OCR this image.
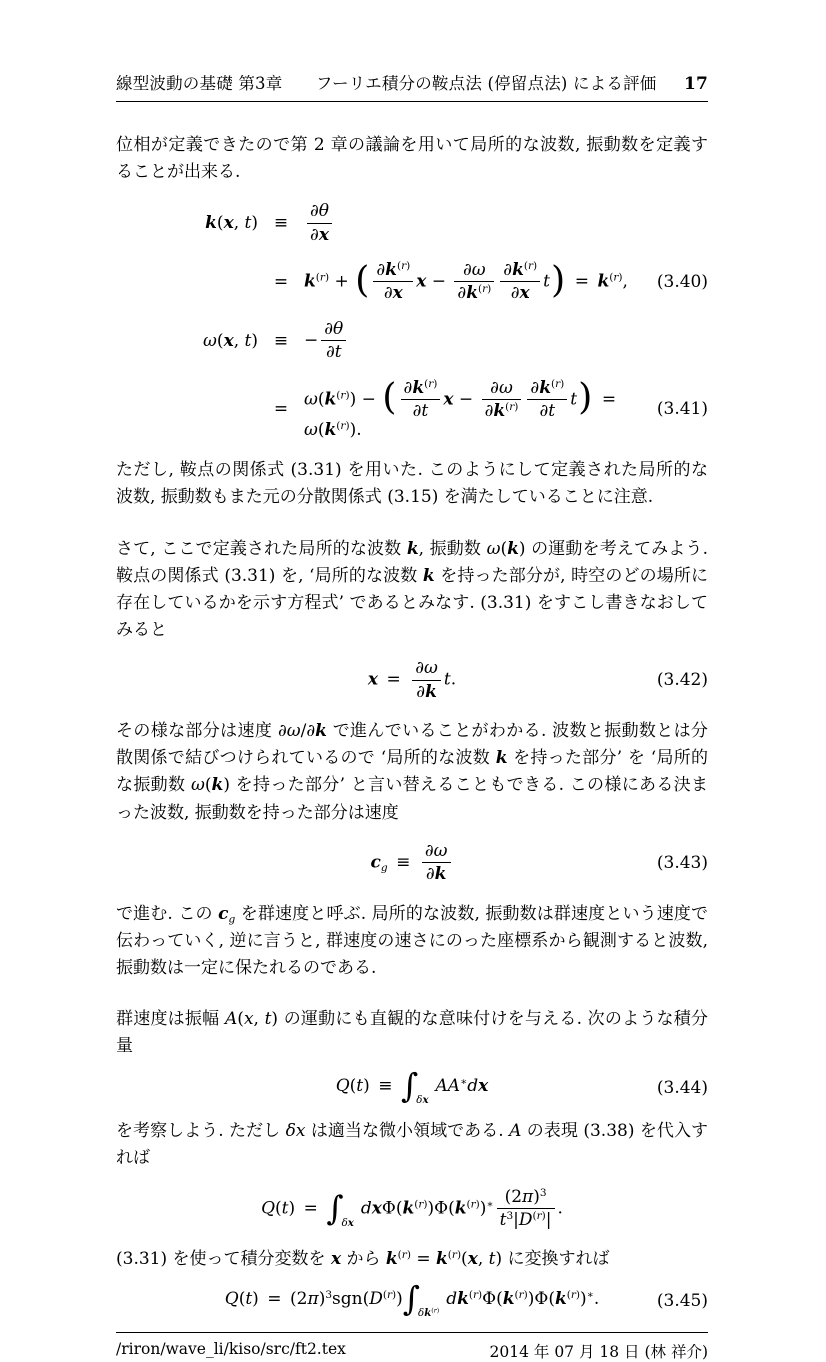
線型波動の基礎 第3章　　フーリエ積分の鞍点法 (停留点法) による評価 17

位相が定義できたので第 2 章の議論を用いて局所的な波数, 振動数を定義することが出来る.

k(x, $t) \equiv \frac{\partial\theta}{\partial x}$
= $k^{(r)}$ + ( $\frac{\partial k^{(r)}}{\partial x}$ $x - \frac{\partial\omega}{\partial k^{(r)}} \frac{\partial k^{(r)}}{\partial x} t$) = $k^{(r)}$, (3.40)
ω(x, t) ≡ − $\frac{\partial\theta}{\partial t}$
=
$\omega(k^{(r)})$ − ( $\frac{\partial k^{(r)}}{\partial t}$ $x - \frac{\partial\omega}{\partial k^{(r)}} \frac{\partial k^{(r)}}{\partial t} t$) = $\omega(k^{(r)})$.
(3.41)

ただし, 鞍点の関係式 (3.31) を用いた. このようにして定義された局所的な波数, 振動数もまた元の分散関係式 (3.15) を満たしていることに注意.

さて, ここで定義された局所的な波数 k, 振動数 ω(k) の運動を考えてみよう. 鞍点の関係式 (3.31) を, ‘局所的な波数 k を持った部分が, 時空のどの場所に存在しているかを示す方程式’ であるとみなす. (3.31) をすこし書きなおしてみると

x =  $\frac{\partial\omega}{\partial k} t$.	(3.42)

その様な部分は速度 ∂ω/∂k で進んでいることがわかる. 波数と振動数とは分散関係で結びつけられているので ‘局所的な波数 k を持った部分’ を ‘局所的な振動数 ω(k) を持った部分’ と言い替えることもできる. この様にある決まった波数, 振動数を持った部分は速度

$c_g$ ≡  $\frac{\partial\omega}{\partial k}$	(3.43)

で進む. この $c_g$ を群速度と呼ぶ. 局所的な波数, 振動数は群速度という速度で伝わっていく, 逆に言うと, 群速度の速さにのった座標系から観測すると波数, 振動数は一定に保たれるのである.

群速度は振幅 A(x, t) の運動にも直観的な意味付けを与える. 次のような積分量

Q(t) ≡ $\int_{\delta x}AA^∗dx$	(3.44)

を考察しよう. ただし δx は適当な微小領域である. A の表現 (3.38) を代入すれば

Q(t) = $\int_{\delta x}dx\Phi(k^{(r)})\Phi(k^{(r)})^∗ \frac{(2\pi)^3}{t^3|D^{(r)}|}$ .

(3.31) を使って積分変数を x から $k^{(r)} = k^{(r)}(x$, t) に変換すれば

Q(t) = $(2\pi)^3sgn(D^{(r)})\int_{\delta k^{(r)}}dk^{(r)}\Phi(k^{(r)})\Phi(k^{(r)})^∗$.	(3.45)
/riron/wave_li/kiso/src/ft2.tex	2014 年 07 月 18 日 (林 祥介)
